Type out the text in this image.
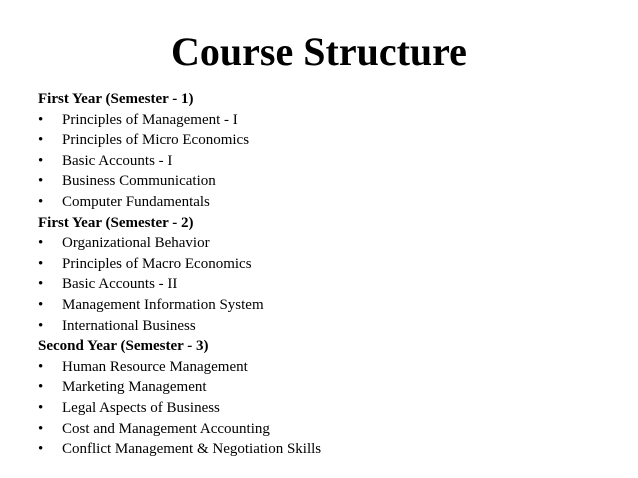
Course Structure
First Year (Semester - 1)
• Principles of Management - I
• Principles of Micro Economics
• Basic Accounts - I
• Business Communication
• Computer Fundamentals
First Year (Semester - 2)
• Organizational Behavior
• Principles of Macro Economics
• Basic Accounts - II
• Management Information System
• International Business
Second Year (Semester - 3)
• Human Resource Management
• Marketing Management
• Legal Aspects of Business
• Cost and Management Accounting
• Conflict Management & Negotiation Skills
